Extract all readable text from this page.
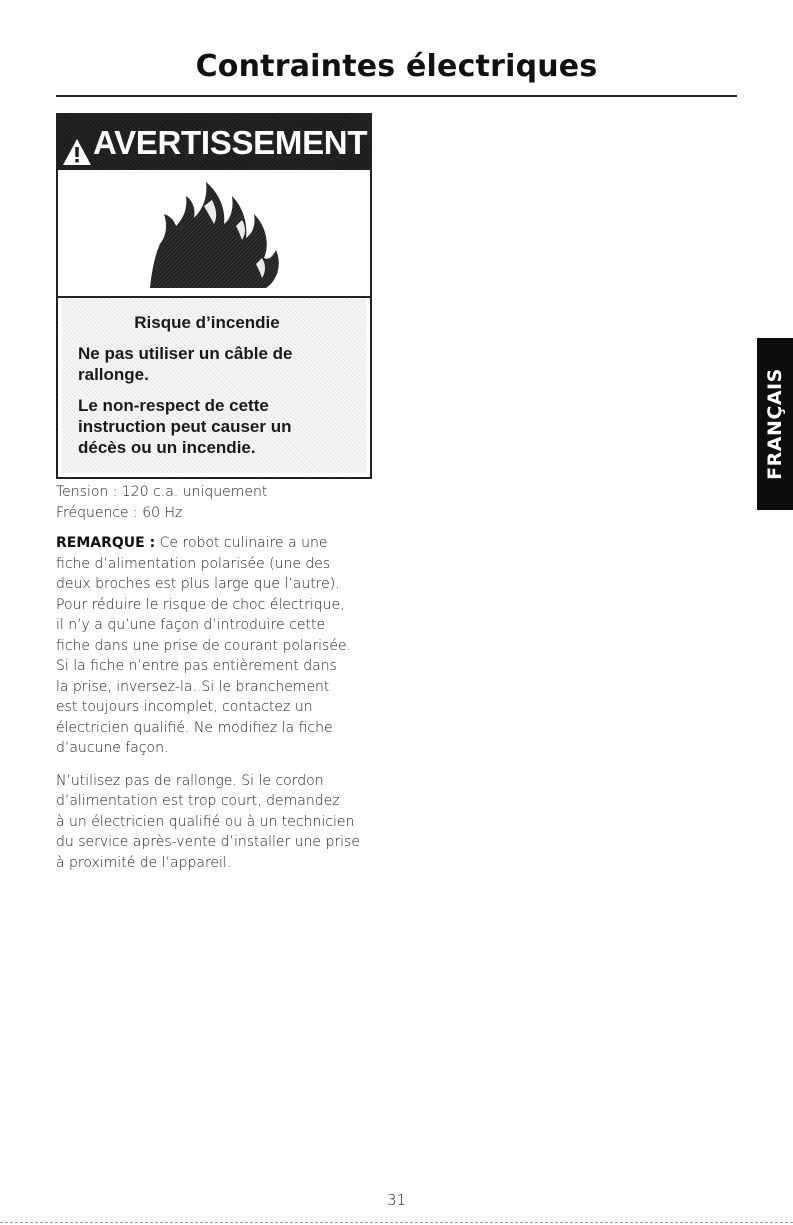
Contraintes électriques
AVERTISSEMENT
Risque d’incendie
Ne pas utiliser un câble de
rallonge.
Le non-respect de cette
instruction peut causer un
décès ou un incendie.
Tension : 120 c.a. uniquement
Fréquence : 60 Hz
REMARQUE : Ce robot culinaire a une
fiche d’alimentation polarisée (une des
deux broches est plus large que l’autre).
Pour réduire le risque de choc électrique,
il n’y a qu’une façon d’introduire cette
fiche dans une prise de courant polarisée.
Si la fiche n’entre pas entièrement dans
la prise, inversez-la. Si le branchement
est toujours incomplet, contactez un
électricien qualifié. Ne modifiez la fiche
d’aucune façon.
N’utilisez pas de rallonge. Si le cordon
d’alimentation est trop court, demandez
à un électricien qualifié ou à un technicien
du service après-vente d’installer une prise
à proximité de l’appareil.
FRANÇAIS
31
